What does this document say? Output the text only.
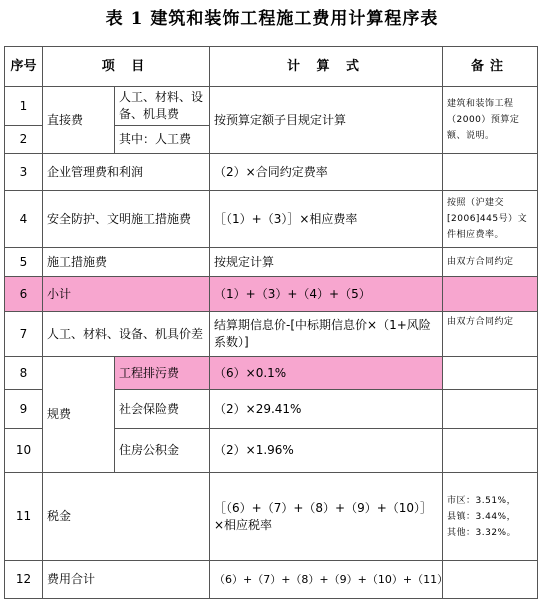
表 1 建筑和装饰工程施工费用计算程序表
序号	项 目		计 算 式	备注
1	直接费	人工、材料、设备、机具费	按预算定额子目规定计算	建筑和装饰工程（2000）预算定额、说明。
2		其中：人工费		
3	企业管理费和利润		（2）×合同约定费率	
4	安全防护、文明施工措施费		［（1）+（3）］×相应费率	按照（沪建交[2006]445号）文件相应费率。
5	施工措施费		按规定计算	由双方合同约定
6	小计		（1）+（3）+（4）+（5）	
7	人工、材料、设备、机具价差		结算期信息价-[中标期信息价×（1+风险系数）]	由双方合同约定
8	规费	工程排污费	（6）×0.1%	
9		社会保险费	（2）×29.41%	
10		住房公积金	（2）×1.96%	
11	税金		［（6）+（7）+（8）+（9）+（10）］×相应税率	市区：3.51%，
县镇：3.44%，
其他：3.32%。

12	费用合计		（6）+（7）+（8）+（9）+（10）+（11）	
